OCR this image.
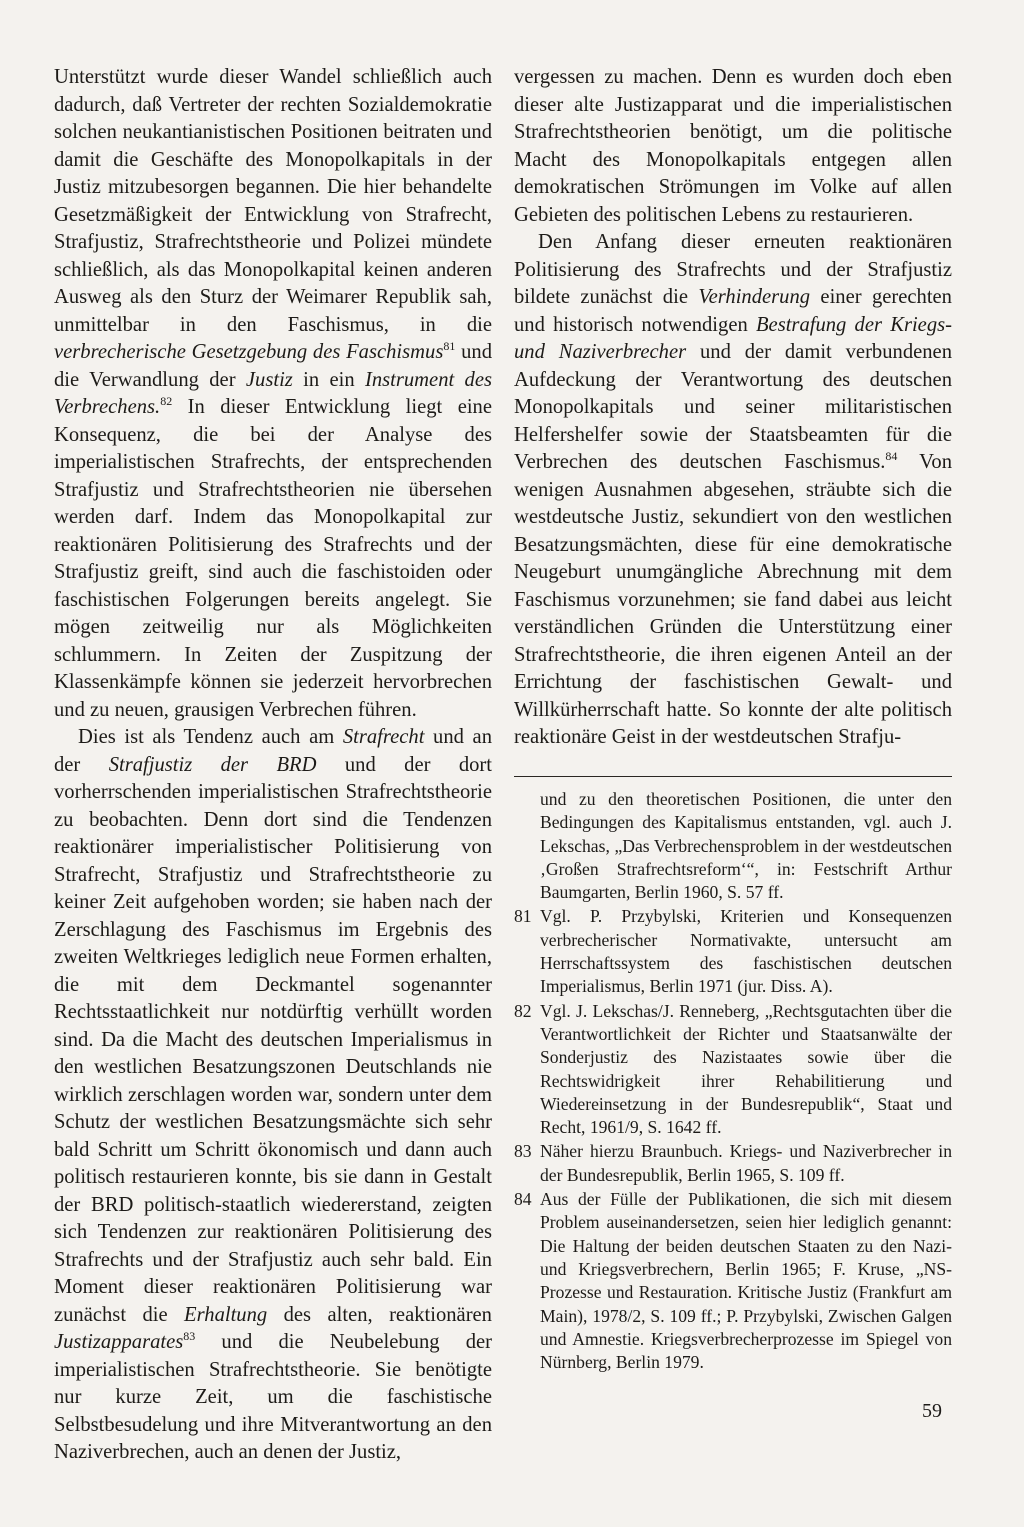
Unterstützt wurde dieser Wandel schließlich auch dadurch, daß Vertreter der rechten Sozialdemokratie solchen neukantianistischen Positionen beitraten und damit die Geschäfte des Monopolkapitals in der Justiz mitzubesorgen begannen. Die hier behandelte Gesetzmäßigkeit der Entwicklung von Strafrecht, Strafjustiz, Strafrechtstheorie und Polizei mündete schließlich, als das Monopolkapital keinen anderen Ausweg als den Sturz der Weimarer Republik sah, unmittelbar in den Faschismus, in die verbrecherische Gesetzgebung des Faschismus$^{81}$ und die Verwandlung der Justiz in ein Instrument des Verbrechens.$^{82}$ In dieser Entwicklung liegt eine Konsequenz, die bei der Analyse des imperialistischen Strafrechts, der entsprechenden Strafjustiz und Strafrechtstheorien nie übersehen werden darf. Indem das Monopolkapital zur reaktionären Politisierung des Strafrechts und der Strafjustiz greift, sind auch die faschistoiden oder faschistischen Folgerungen bereits angelegt. Sie mögen zeitweilig nur als Möglichkeiten schlummern. In Zeiten der Zuspitzung der Klassenkämpfe können sie jederzeit hervorbrechen und zu neuen, grausigen Verbrechen führen.

Dies ist als Tendenz auch am Strafrecht und an der Strafjustiz der BRD und der dort vorherrschenden imperialistischen Strafrechtstheorie zu beobachten. Denn dort sind die Tendenzen reaktionärer imperialistischer Politisierung von Strafrecht, Strafjustiz und Strafrechtstheorie zu keiner Zeit aufgehoben worden; sie haben nach der Zerschlagung des Faschismus im Ergebnis des zweiten Weltkrieges lediglich neue Formen erhalten, die mit dem Deckmantel sogenannter Rechtsstaatlichkeit nur notdürftig verhüllt worden sind. Da die Macht des deutschen Imperialismus in den westlichen Besatzungszonen Deutschlands nie wirklich zerschlagen worden war, sondern unter dem Schutz der westlichen Besatzungsmächte sich sehr bald Schritt um Schritt ökonomisch und dann auch politisch restaurieren konnte, bis sie dann in Gestalt der BRD politisch-staatlich wiedererstand, zeigten sich Tendenzen zur reaktionären Politisierung des Strafrechts und der Strafjustiz auch sehr bald. Ein Moment dieser reaktionären Politisierung war zunächst die Erhaltung des alten, reaktionären Justizapparates$^{83}$ und die Neubelebung der imperialistischen Strafrechtstheorie. Sie benötigte nur kurze Zeit, um die faschistische Selbstbesudelung und ihre Mitverantwortung an den Naziverbrechen, auch an denen der Justiz,

vergessen zu machen. Denn es wurden doch eben dieser alte Justizapparat und die imperialistischen Strafrechtstheorien benötigt, um die politische Macht des Monopolkapitals entgegen allen demokratischen Strömungen im Volke auf allen Gebieten des politischen Lebens zu restaurieren.

Den Anfang dieser erneuten reaktionären Politisierung des Strafrechts und der Strafjustiz bildete zunächst die Verhinderung einer gerechten und historisch notwendigen Bestrafung der Kriegs- und Naziverbrecher und der damit verbundenen Aufdeckung der Verantwortung des deutschen Monopolkapitals und seiner militaristischen Helfershelfer sowie der Staatsbeamten für die Verbrechen des deutschen Faschismus.$^{84}$ Von wenigen Ausnahmen abgesehen, sträubte sich die westdeutsche Justiz, sekundiert von den westlichen Besatzungsmächten, diese für eine demokratische Neugeburt unumgängliche Abrechnung mit dem Faschismus vorzunehmen; sie fand dabei aus leicht verständlichen Gründen die Unterstützung einer Strafrechtstheorie, die ihren eigenen Anteil an der Errichtung der faschistischen Gewalt- und Willkürherrschaft hatte. So konnte der alte politisch reaktionäre Geist in der westdeutschen Strafju-

und zu den theoretischen Positionen, die unter den Bedingungen des Kapitalismus entstanden, vgl. auch J. Lekschas, „Das Verbrechensproblem in der westdeutschen ‚Großen Strafrechtsreform‘“, in: Festschrift Arthur Baumgarten, Berlin 1960, S. 57 ff.

81 Vgl. P. Przybylski, Kriterien und Konsequenzen verbrecherischer Normativakte, untersucht am Herrschaftssystem des faschistischen deutschen Imperialismus, Berlin 1971 (jur. Diss. A).

82 Vgl. J. Lekschas/J. Renneberg, „Rechtsgutachten über die Verantwortlichkeit der Richter und Staatsanwälte der Sonderjustiz des Nazistaates sowie über die Rechtswidrigkeit ihrer Rehabilitierung und Wiedereinsetzung in der Bundesrepublik“, Staat und Recht, 1961/9, S. 1642 ff.

83 Näher hierzu Braunbuch. Kriegs- und Naziverbrecher in der Bundesrepublik, Berlin 1965, S. 109 ff.

84 Aus der Fülle der Publikationen, die sich mit diesem Problem auseinandersetzen, seien hier lediglich genannt: Die Haltung der beiden deutschen Staaten zu den Nazi- und Kriegsverbrechern, Berlin 1965; F. Kruse, „NS-Prozesse und Restauration. Kritische Justiz (Frankfurt am Main), 1978/2, S. 109 ff.; P. Przybylski, Zwischen Galgen und Amnestie. Kriegsverbrecherprozesse im Spiegel von Nürnberg, Berlin 1979.

59
